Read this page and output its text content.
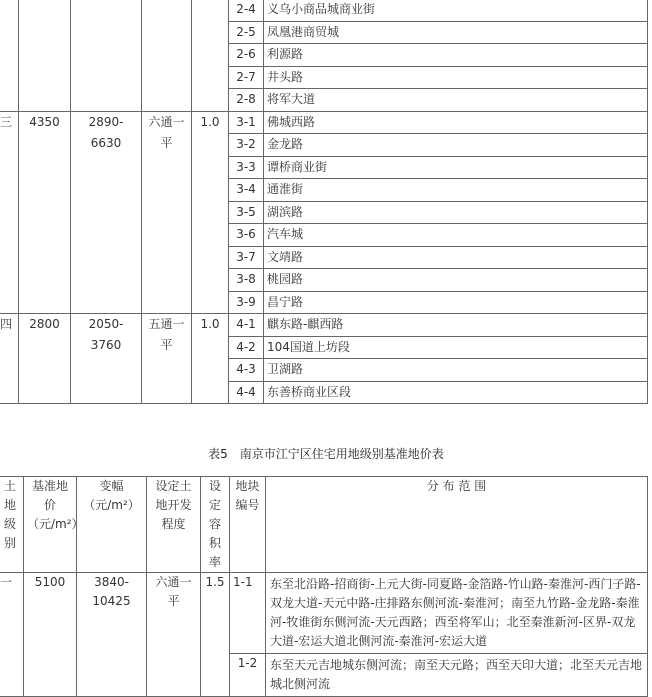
					2-4	义乌小商品城商业街
					2-5	凤凰港商贸城
					2-6	利源路
					2-7	井头路
					2-8	将军大道
三	4350	2890-6630	六通一平	1.0	3-1	佛城西路
					3-2	金龙路
					3-3	谭桥商业街
					3-4	通淮街
					3-5	湖滨路
					3-6	汽车城
					3-7	文靖路
					3-8	桃园路
					3-9	昌宁路
四	2800	2050-3760	五通一平	1.0	4-1	麒东路-麒西路
					4-2	104国道上坊段
					4-3	卫湖路
					4-4	东善桥商业区段
表5　南京市江宁区住宅用地级别基准地价表
土地级别	基准地价（元/m²）	变幅（元/m²）	设定土地开发程度	设定容积率	地块编号	分 布 范 围
一	5100	3840-10425	六通一平	1.5	1-1	东至北沿路-招商街-上元大街-同夏路-金箔路-竹山路-秦淮河-西门子路-双龙大道-天元中路-庄排路东侧河流-秦淮河；南至九竹路-金龙路-秦淮河-牧谁街东侧河流-天元西路；西至将军山；北至秦淮新河-区界-双龙大道-宏运大道北侧河流-秦淮河-宏运大道
					1-2	东至天元吉地城东侧河流；南至天元路；西至天印大道；北至天元吉地城北侧河流
